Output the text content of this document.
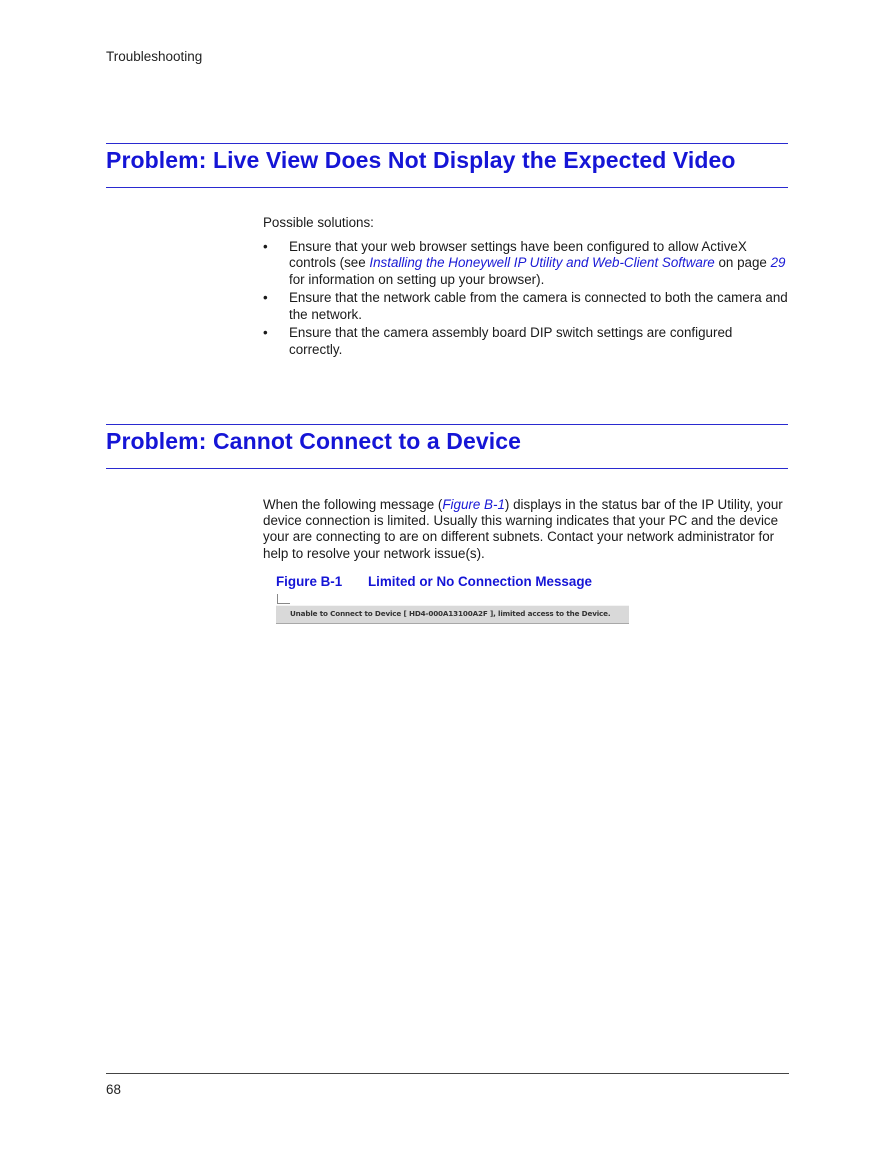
Troubleshooting
Problem: Live View Does Not Display the Expected Video
Possible solutions:
• Ensure that your web browser settings have been configured to allow ActiveX controls (see Installing the Honeywell IP Utility and Web-Client Software on page 29 for information on setting up your browser).
• Ensure that the network cable from the camera is connected to both the camera and the network.
• Ensure that the camera assembly board DIP switch settings are configured correctly.
Problem: Cannot Connect to a Device
When the following message (Figure B-1) displays in the status bar of the IP Utility, your device connection is limited. Usually this warning indicates that your PC and the device your are connecting to are on different subnets. Contact your network administrator for help to resolve your network issue(s).
Figure B-1 Limited or No Connection Message
Unable to Connect to Device [ HD4-000A13100A2F ], limited access to the Device.
68
